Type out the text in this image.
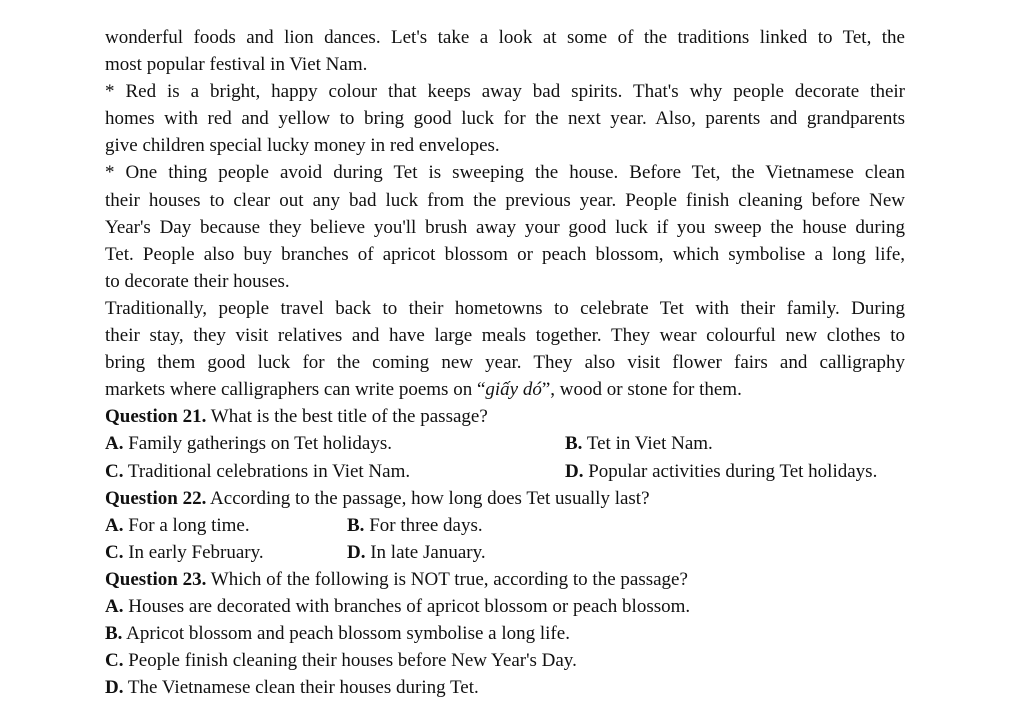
wonderful foods and lion dances. Let's take a look at some of the traditions linked to Tet, the
most popular festival in Viet Nam.
* Red is a bright, happy colour that keeps away bad spirits. That's why people decorate their
homes with red and yellow to bring good luck for the next year. Also, parents and grandparents
give children special lucky money in red envelopes.
* One thing people avoid during Tet is sweeping the house. Before Tet, the Vietnamese clean
their houses to clear out any bad luck from the previous year. People finish cleaning before New
Year's Day because they believe you'll brush away your good luck if you sweep the house during
Tet. People also buy branches of apricot blossom or peach blossom, which symbolise a long life,
to decorate their houses.
Traditionally, people travel back to their hometowns to celebrate Tet with their family. During
their stay, they visit relatives and have large meals together. They wear colourful new clothes to
bring them good luck for the coming new year. They also visit flower fairs and calligraphy
markets where calligraphers can write poems on “giấy dó”, wood or stone for them.
Question 21. What is the best title of the passage?
A. Family gatherings on Tet holidays.	B. Tet in Viet Nam.
C. Traditional celebrations in Viet Nam.	D. Popular activities during Tet holidays.
Question 22. According to the passage, how long does Tet usually last?
A. For a long time.	B. For three days.
C. In early February.	D. In late January.
Question 23. Which of the following is NOT true, according to the passage?
A. Houses are decorated with branches of apricot blossom or peach blossom.
B. Apricot blossom and peach blossom symbolise a long life.
C. People finish cleaning their houses before New Year's Day.
D. The Vietnamese clean their houses during Tet.
